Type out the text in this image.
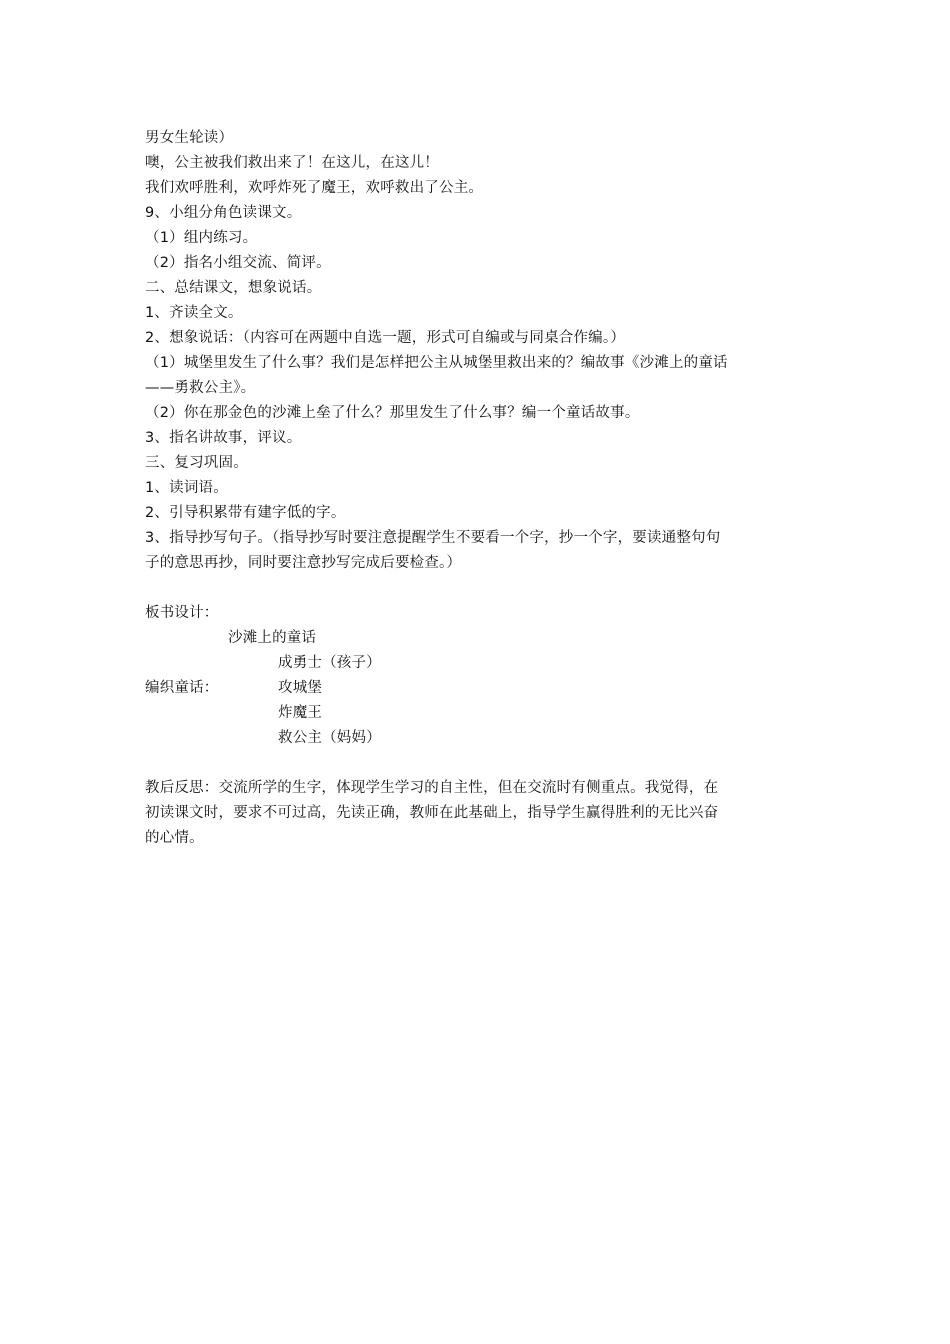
男女生轮读）
噢，公主被我们救出来了！在这儿，在这儿！
我们欢呼胜利，欢呼炸死了魔王，欢呼救出了公主。
9、小组分角色读课文。
（1）组内练习。
（2）指名小组交流、简评。
二、总结课文，想象说话。
1、齐读全文。
2、想象说话：（内容可在两题中自选一题，形式可自编或与同桌合作编。）
（1）城堡里发生了什么事？我们是怎样把公主从城堡里救出来的？编故事《沙滩上的童话
——勇救公主》。
（2）你在那金色的沙滩上垒了什么？那里发生了什么事？编一个童话故事。
3、指名讲故事，评议。
三、复习巩固。
1、读词语。
2、引导积累带有建字低的字。
3、指导抄写句子。（指导抄写时要注意提醒学生不要看一个字，抄一个字，要读通整句句
子的意思再抄，同时要注意抄写完成后要检查。）
板书设计：
沙滩上的童话
成勇士（孩子）
编织童话：	攻城堡
炸魔王
救公主（妈妈）
教后反思：交流所学的生字，体现学生学习的自主性，但在交流时有侧重点。我觉得，在
初读课文时，要求不可过高，先读正确，教师在此基础上，指导学生赢得胜利的无比兴奋
的心情。
